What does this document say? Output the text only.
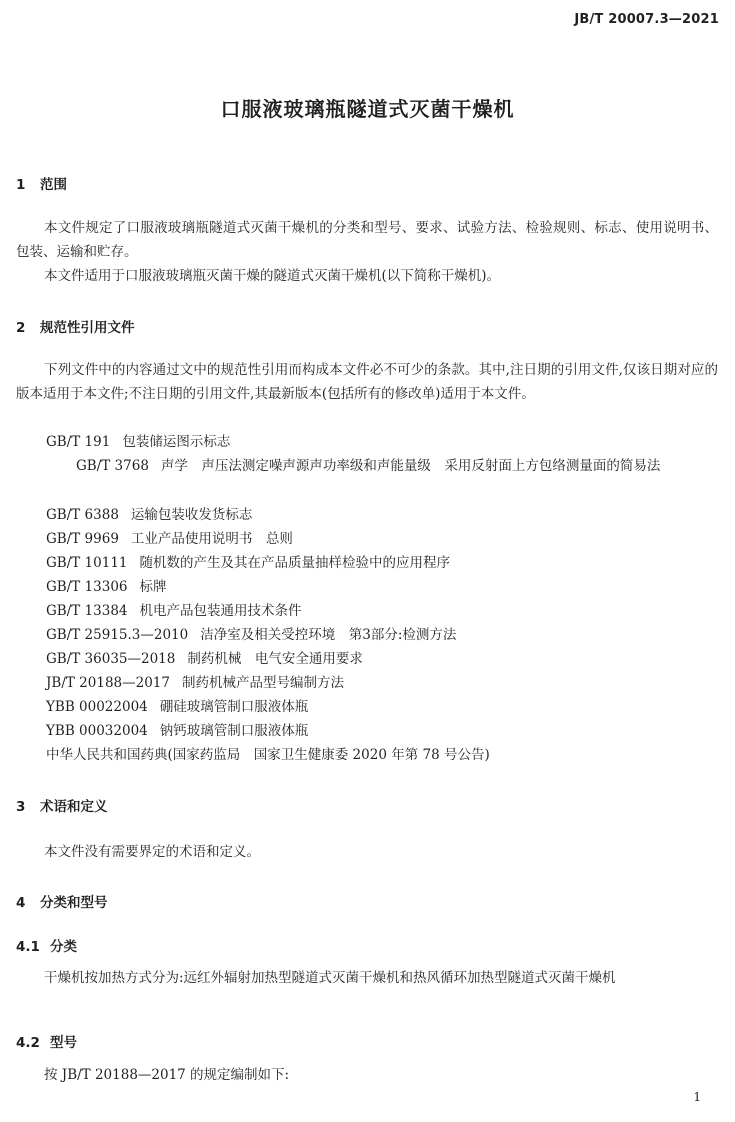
JB/T 20007.3—2021
口服液玻璃瓶隧道式灭菌干燥机
1 范围
本文件规定了口服液玻璃瓶隧道式灭菌干燥机的分类和型号、要求、试验方法、检验规则、标志、使用说明书、包装、运输和贮存。
本文件适用于口服液玻璃瓶灭菌干燥的隧道式灭菌干燥机(以下简称干燥机)。
2 规范性引用文件
下列文件中的内容通过文中的规范性引用而构成本文件必不可少的条款。其中,注日期的引用文件,仅该日期对应的版本适用于本文件;不注日期的引用文件,其最新版本(包括所有的修改单)适用于本文件。
GB/T 191 包装储运图示标志
GB/T 3768 声学　声压法测定噪声源声功率级和声能量级　采用反射面上方包络测量面的简易法
GB/T 6388 运输包装收发货标志
GB/T 9969 工业产品使用说明书　总则
GB/T 10111 随机数的产生及其在产品质量抽样检验中的应用程序
GB/T 13306 标牌
GB/T 13384 机电产品包装通用技术条件
GB/T 25915.3—2010 洁净室及相关受控环境　第3部分:检测方法
GB/T 36035—2018 制药机械　电气安全通用要求
JB/T 20188—2017 制药机械产品型号编制方法
YBB 00022004 硼硅玻璃管制口服液体瓶
YBB 00032004 钠钙玻璃管制口服液体瓶
中华人民共和国药典(国家药监局　国家卫生健康委 2020 年第 78 号公告)
3 术语和定义
本文件没有需要界定的术语和定义。
4 分类和型号
4.1 分类
干燥机按加热方式分为:远红外辐射加热型隧道式灭菌干燥机和热风循环加热型隧道式灭菌干燥机
4.2 型号
按 JB/T 20188—2017 的规定编制如下:
1
